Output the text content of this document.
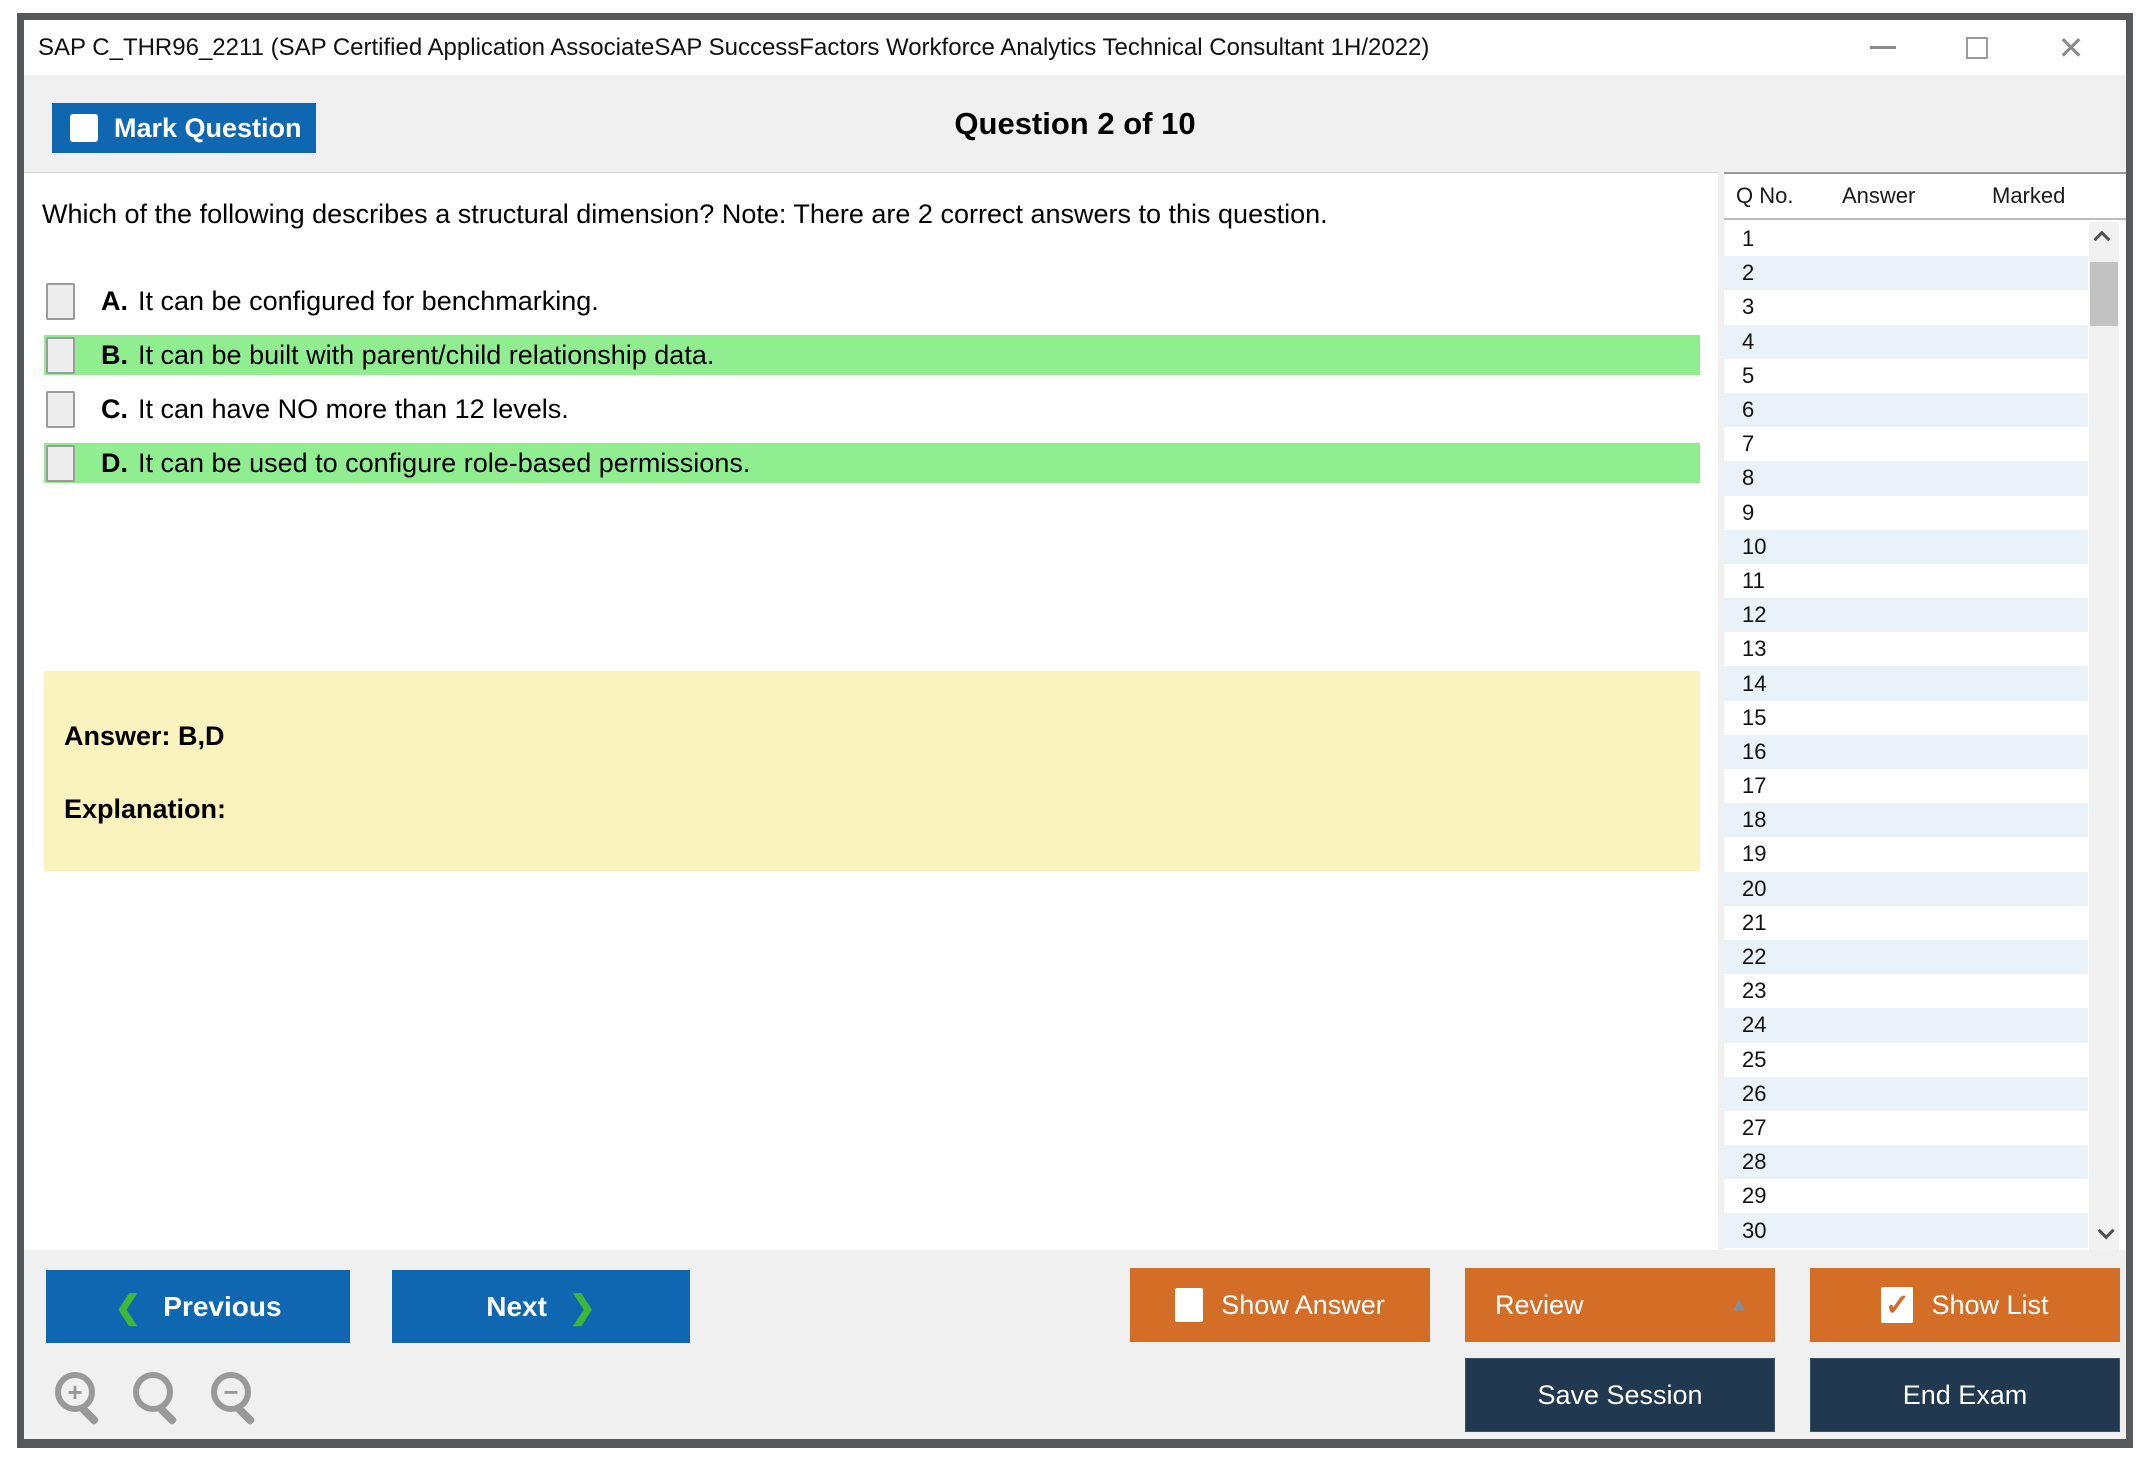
SAP C_THR96_2211 (SAP Certified Application AssociateSAP SuccessFactors Workforce Analytics Technical Consultant 1H/2022)	✕
Question 2 of 10
Mark Question
Which of the following describes a structural dimension? Note: There are 2 correct answers to this question.
A. It can be configured for benchmarking.
B. It can be built with parent/child relationship data.
C. It can have NO more than 12 levels.
D. It can be used to configure role-based permissions.
Answer: B,D
Explanation:
Q No. Answer	Marked
1
2
3
4
5
6
7
8
9
10
11
12
13
14
15
16
17
18
19
20
21
22
23
24
25
26
27
28
29
30
❮ Previous	Next ❯	Show Answer	Review	▲	✓ Show List
Save Session	End Exam
+	−
